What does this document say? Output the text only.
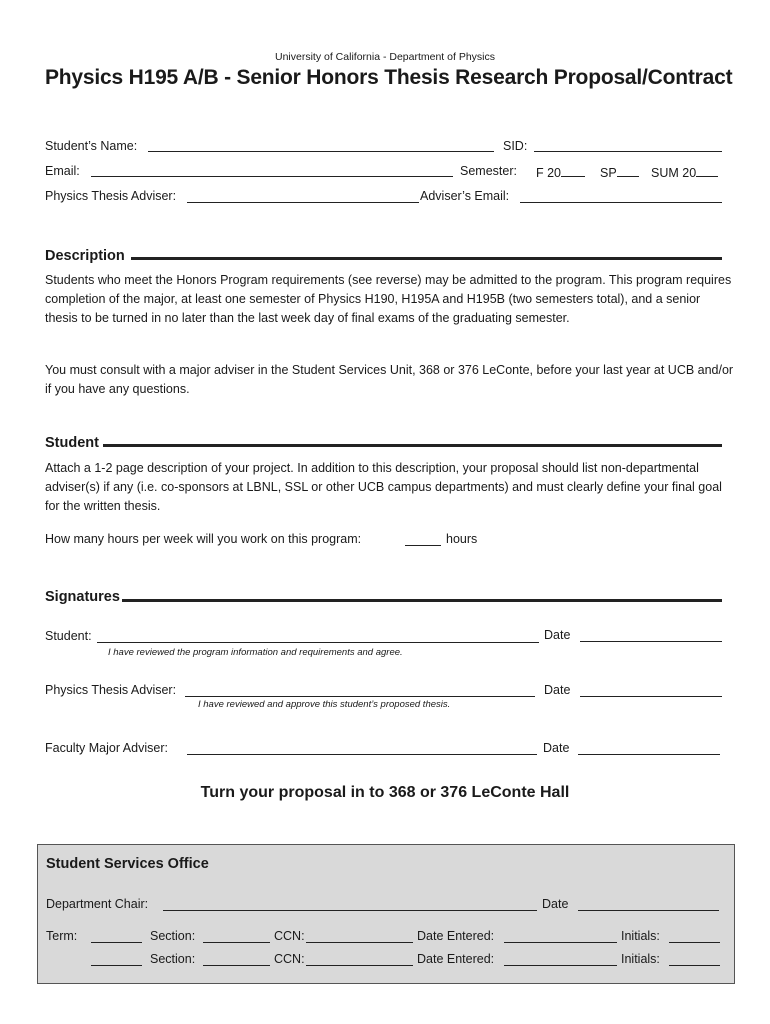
University of California - Department of Physics
Physics H195 A/B - Senior Honors Thesis Research Proposal/Contract
Student’s Name:	SID:
Email:	Semester: F 20	SP	SUM 20
Physics Thesis Adviser:	Adviser’s Email:
Description
Students who meet the Honors Program requirements (see reverse) may be admitted to the program. This program requires completion of the major, at least one semester of Physics H190, H195A and H195B (two semesters total), and a senior thesis to be turned in no later than the last week day of final exams of the graduating semester.
You must consult with a major adviser in the Student Services Unit, 368 or 376 LeConte, before your last year at UCB and/or if you have any questions.
Student
Attach a 1-2 page description of your project. In addition to this description, your proposal should list non-departmental adviser(s) if any (i.e. co-sponsors at LBNL, SSL or other UCB campus departments) and must clearly define your final goal for the written thesis.
How many hours per week will you work on this program:	hours
Signatures
Student:	Date
I have reviewed the program information and requirements and agree.
Physics Thesis Adviser:	Date
I have reviewed and approve this student’s proposed thesis.
Faculty Major Adviser:	Date
Turn your proposal in to 368 or 376 LeConte Hall
Student Services Office
Department Chair:	Date
Term:	Section:	CCN:	Date Entered:	Initials:
Section:	CCN:	Date Entered:	Initials:
